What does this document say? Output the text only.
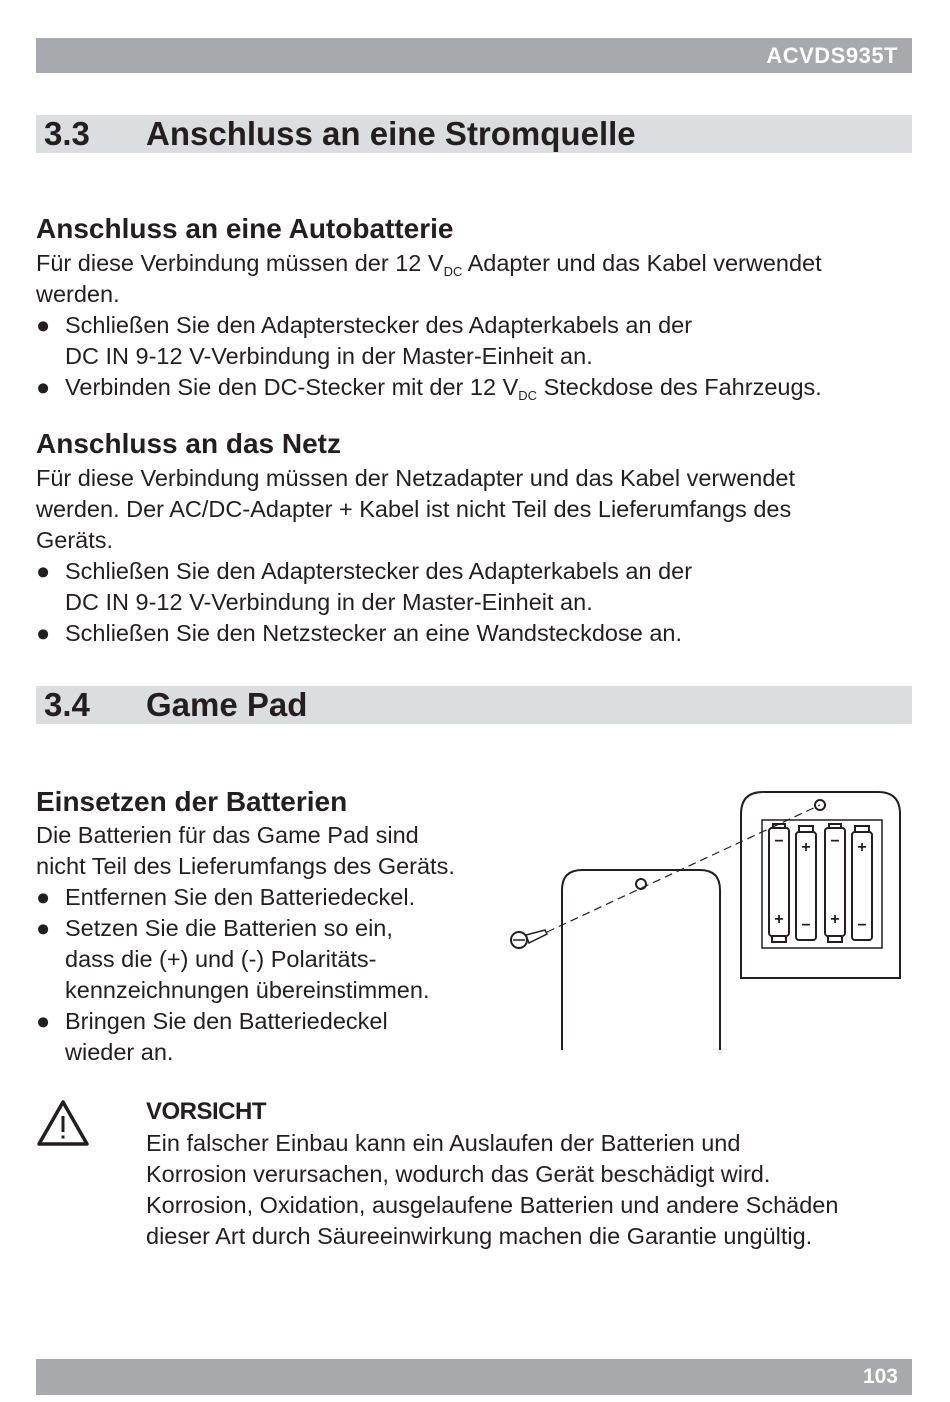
ACVDS935T
3.3 Anschluss an eine Stromquelle
Anschluss an eine Autobatterie

Für diese Verbindung müssen der 12 $V_{DC}$ Adapter und das Kabel verwendet
werden.

● Schließen Sie den Adapterstecker des Adapterkabels an der
DC IN 9-12 V-Verbindung in der Master-Einheit an.

● Verbinden Sie den DC-Stecker mit der 12 $V_{DC}$ Steckdose des Fahrzeugs.

Anschluss an das Netz

Für diese Verbindung müssen der Netzadapter und das Kabel verwendet
werden. Der AC/DC-Adapter + Kabel ist nicht Teil des Lieferumfangs des
Geräts.

● Schließen Sie den Adapterstecker des Adapterkabels an der
DC IN 9-12 V-Verbindung in der Master-Einheit an.

● Schließen Sie den Netzstecker an eine Wandsteckdose an.

3.4 Game Pad
Einsetzen der Batterien

Die Batterien für das Game Pad sind
nicht Teil des Lieferumfangs des Geräts.

● Entfernen Sie den Batteriedeckel.

● Setzen Sie die Batterien so ein,
dass die (+) und (-) Polaritäts-
kennzeichnungen übereinstimmen.

● Bringen Sie den Batteriedeckel
wieder an.

−
+
+
−
−
+
+
−
VORSICHT

Ein falscher Einbau kann ein Auslaufen der Batterien und
Korrosion verursachen, wodurch das Gerät beschädigt wird.
Korrosion, Oxidation, ausgelaufene Batterien und andere Schäden
dieser Art durch Säureeinwirkung machen die Garantie ungültig.

103
